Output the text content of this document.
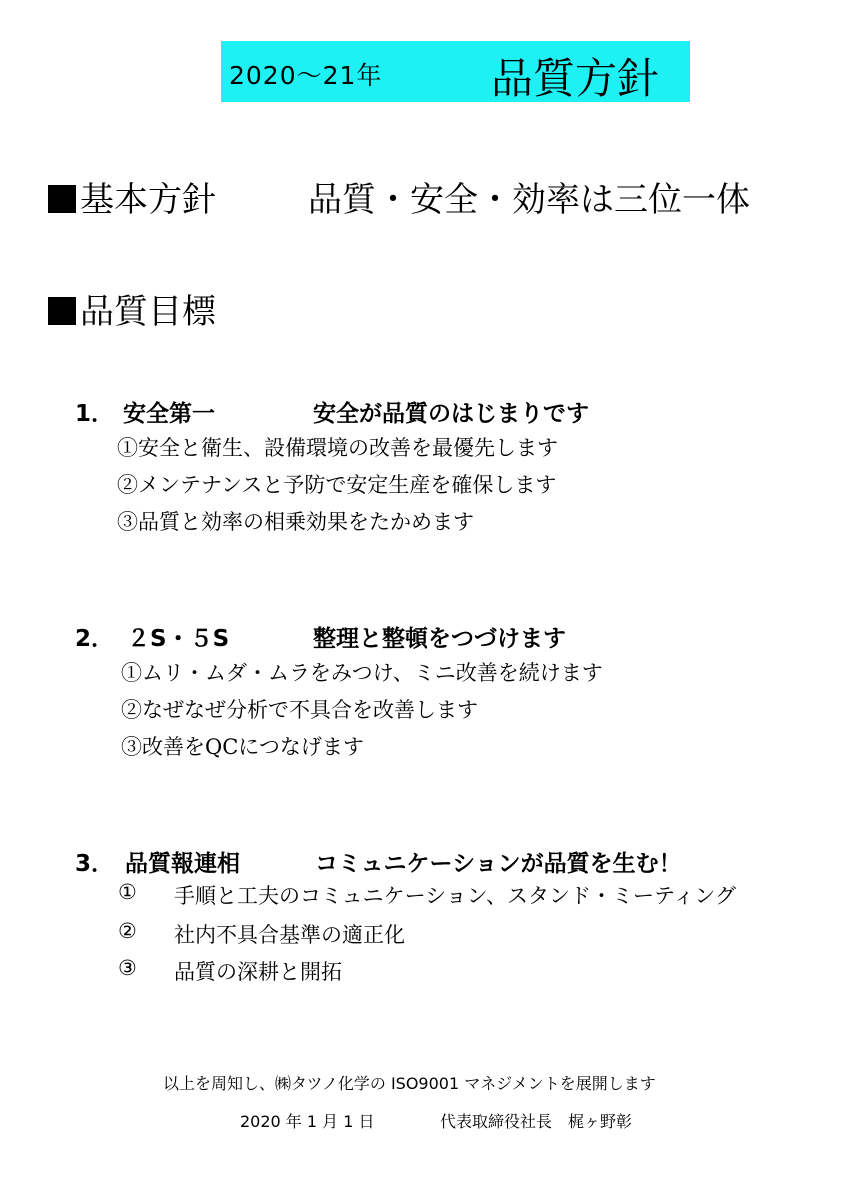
2020～21年	品質方針
基本方針	品質・安全・効率は三位一体
品質目標
1． 安全第一	安全が品質のはじまりです
①安全と衛生、設備環境の改善を最優先します
②メンテナンスと予防で安定生産を確保します
③品質と効率の相乗効果をたかめます
2． ２S・５S	整理と整頓をつづけます
①ムリ・ムダ・ムラをみつけ、ミニ改善を続けます
②なぜなぜ分析で不具合を改善します
③改善をQCにつなげます
3． 品質報連相	コミュニケーションが品質を生む！
① 手順と工夫のコミュニケーション、スタンド・ミーティング
② 社内不具合基準の適正化
③ 品質の深耕と開拓
以上を周知し、㈱タツノ化学の ISO9001 マネジメントを展開します
2020 年 1 月 1 日	代表取締役社長　梶ヶ野彰
